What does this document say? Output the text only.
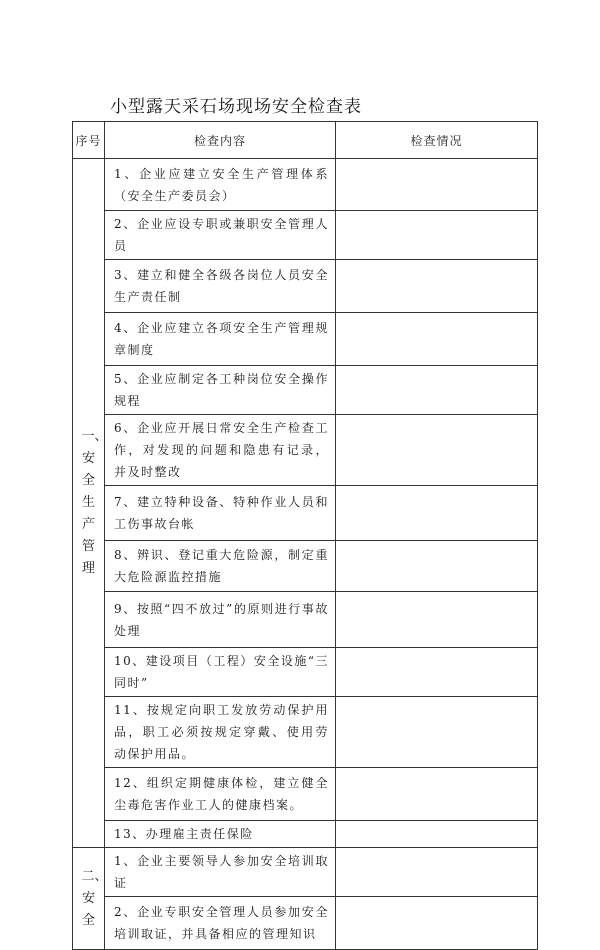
小型露天采石场现场安全检查表
序号	检查内容	检查情况
一、安全生产管理	1、企业应建立安全生产管理体系（安全生产委员会）	
	2、企业应设专职或兼职安全管理人员	
	3、建立和健全各级各岗位人员安全生产责任制	
	4、企业应建立各项安全生产管理规章制度	
	5、企业应制定各工种岗位安全操作规程	
	6、企业应开展日常安全生产检查工作，对发现的问题和隐患有记录，并及时整改	
	7、建立特种设备、特种作业人员和工伤事故台帐	
	8、辨识、登记重大危险源，制定重大危险源监控措施	
	9、按照“四不放过”的原则进行事故处理	
	10、建设项目（工程）安全设施“三同时”	
	11、按规定向职工发放劳动保护用品，职工必须按规定穿戴、使用劳动保护用品。	
	12、组织定期健康体检，建立健全尘毒危害作业工人的健康档案。	
	13、办理雇主责任保险	
二、安全	1、企业主要领导人参加安全培训取证	
	2、企业专职安全管理人员参加安全培训取证，并具备相应的管理知识	
